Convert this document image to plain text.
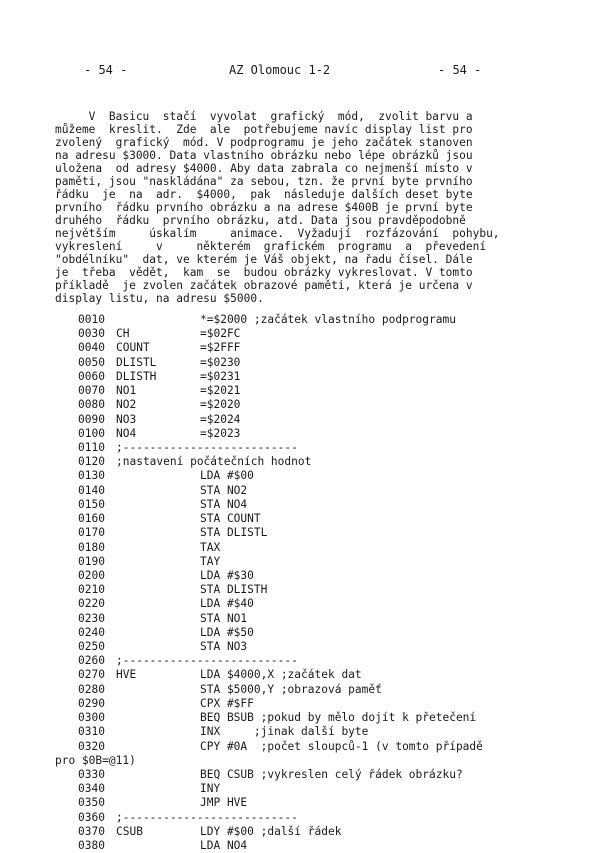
- 54 -	AZ Olomouc 1-2	- 54 -
V  Basicu  stačí  vyvolat  grafický  mód,  zvolit barvu a
můžeme  kreslit.  Zde  ale  potřebujeme navíc display list pro
zvolený  grafický  mód. V podprogramu je jeho začátek stanoven
na adresu $3000. Data vlastního obrázku nebo lépe obrázků jsou
uložena  od adresy $4000. Aby data zabrala co nejmenší místo v
paměti, jsou "naskládána" za sebou, tzn. že první byte prvního
řádku  je  na  adr.  $4000,  pak  následuje dalších deset byte
prvního  řádku prvního obrázku a na adrese $400B je první byte
druhého  řádku  prvního obrázku, atd. Data jsou pravděpodobně
největším     úskalím     animace.  Vyžadují  rozfázování  pohybu,
vykreslení     v     některém  grafickém  programu  a  převedení
"obdélníku"  dat, ve kterém je Váš objekt, na řadu čísel. Dále
je  třeba  vědět,  kam  se  budou obrázky vykreslovat. V tomto
příkladě  je zvolen začátek obrazové paměti, která je určena v
display listu, na adresu $5000.
0010	*=$2000 ;začátek vlastního podprogramu
0030 CH	=$02FC
0040 COUNT	=$2FFF
0050 DLISTL	=$0230
0060 DLISTH	=$0231
0070 NO1	=$2021
0080 NO2	=$2020
0090 NO3	=$2024
0100 NO4	=$2023
0110 ;--------------------------
0120 ;nastavení počátečních hodnot
0130	LDA #$00
0140	STA NO2
0150	STA NO4
0160	STA COUNT
0170	STA DLISTL
0180	TAX
0190	TAY
0200	LDA #$30
0210	STA DLISTH
0220	LDA #$40
0230	STA NO1
0240	LDA #$50
0250	STA NO3
0260 ;--------------------------
0270 HVE	LDA $4000,X ;začátek dat
0280	STA $5000,Y ;obrazová paměť
0290	CPX #$FF
0300	BEQ BSUB ;pokud by mělo dojít k přetečení
0310	INX     ;jinak další byte
0320	CPY #0A  ;počet sloupců-1 (v tomto případě
pro $0B=@11)
0330	BEQ CSUB ;vykreslen celý řádek obrázku?
0340	INY
0350	JMP HVE
0360 ;--------------------------
0370 CSUB	LDY #$00 ;další řádek
0380	LDA NO4
